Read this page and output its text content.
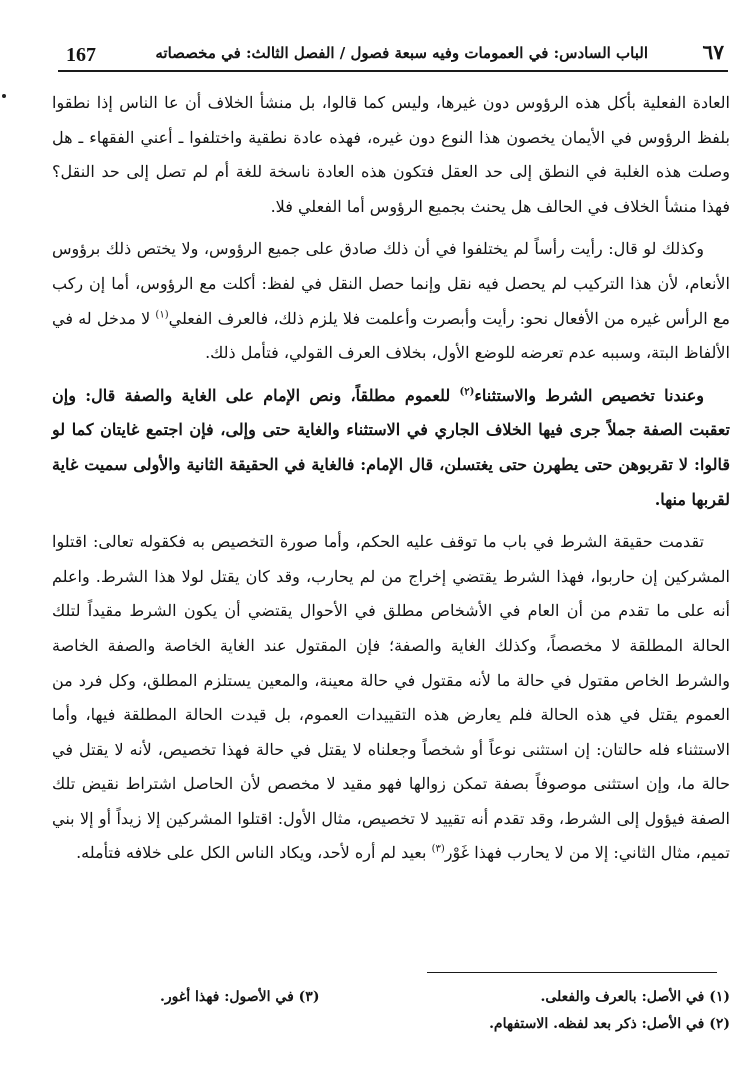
167	الباب السادس: في العمومات وفيه سبعة فصول / الفصل الثالث: في مخصصاته	٦٧

العادة الفعلية بأكل هذه الرؤوس دون غيرها، وليس كما قالوا، بل منشأ الخلاف أن عا الناس إذا نطقوا بلفظ الرؤوس في الأيمان يخصون هذا النوع دون غيره، فهذه عادة نطقية واختلفوا ـ أعني الفقهاء ـ هل وصلت هذه الغلبة في النطق إلى حد العقل فتكون هذه العادة ناسخة للغة أم لم تصل إلى حد النقل؟ فهذا منشأ الخلاف في الحالف هل يحنث بجميع الرؤوس أما الفعلي فلا.

وكذلك لو قال: رأيت رأساً لم يختلفوا في أن ذلك صادق على جميع الرؤوس، ولا يختص ذلك برؤوس الأنعام، لأن هذا التركيب لم يحصل فيه نقل وإنما حصل النقل في لفظ: أكلت مع الرؤوس، أما إن ركب مع الرأس غيره من الأفعال نحو: رأيت وأبصرت وأعلمت فلا يلزم ذلك، فالعرف الفعلي$^{(١)}$ لا مدخل له في الألفاظ البتة، وسببه عدم تعرضه للوضع الأول، بخلاف العرف القولي، فتأمل ذلك.

وعندنا تخصيص الشرط والاستثناء$^{(٢)}$ للعموم مطلقاً، ونص الإمام على الغاية والصفة قال: وإن تعقبت الصفة جملاً جرى فيها الخلاف الجاري في الاستثناء والغاية حتى وإلى، فإن اجتمع غايتان كما لو قالوا: لا تقربوهن حتى يطهرن حتى يغتسلن، قال الإمام: فالغاية في الحقيقة الثانية والأولى سميت غاية لقربها منها.

تقدمت حقيقة الشرط في باب ما توقف عليه الحكم، وأما صورة التخصيص به فكقوله تعالى: اقتلوا المشركين إن حاربوا، فهذا الشرط يقتضي إخراج من لم يحارب، وقد كان يقتل لولا هذا الشرط. واعلم أنه على ما تقدم من أن العام في الأشخاص مطلق في الأحوال يقتضي أن يكون الشرط مقيداً لتلك الحالة المطلقة لا مخصصاً، وكذلك الغاية والصفة؛ فإن المقتول عند الغاية الخاصة والصفة الخاصة والشرط الخاص مقتول في حالة ما لأنه مقتول في حالة معينة، والمعين يستلزم المطلق، وكل فرد من العموم يقتل في هذه الحالة فلم يعارض هذه التقييدات العموم، بل قيدت الحالة المطلقة فيها، وأما الاستثناء فله حالتان: إن استثنى نوعاً أو شخصاً وجعلناه لا يقتل في حالة فهذا تخصيص، لأنه لا يقتل في حالة ما، وإن استثنى موصوفاً بصفة تمكن زوالها فهو مقيد لا مخصص لأن الحاصل اشتراط نقيض تلك الصفة فيؤول إلى الشرط، وقد تقدم أنه تقييد لا تخصيص، مثال الأول: اقتلوا المشركين إلا زيداً أو إلا بني تميم، مثال الثاني: إلا من لا يحارب فهذا غَوْر$^{(٣)}$ بعيد لم أره لأحد، ويكاد الناس الكل على خلافه فتأمله.

(١) في الأصل: بالعرف والفعلى.
(٣) في الأصول: فهذا أغور.
(٢) في الأصل: ذكر بعد لفظه. الاستفهام.
